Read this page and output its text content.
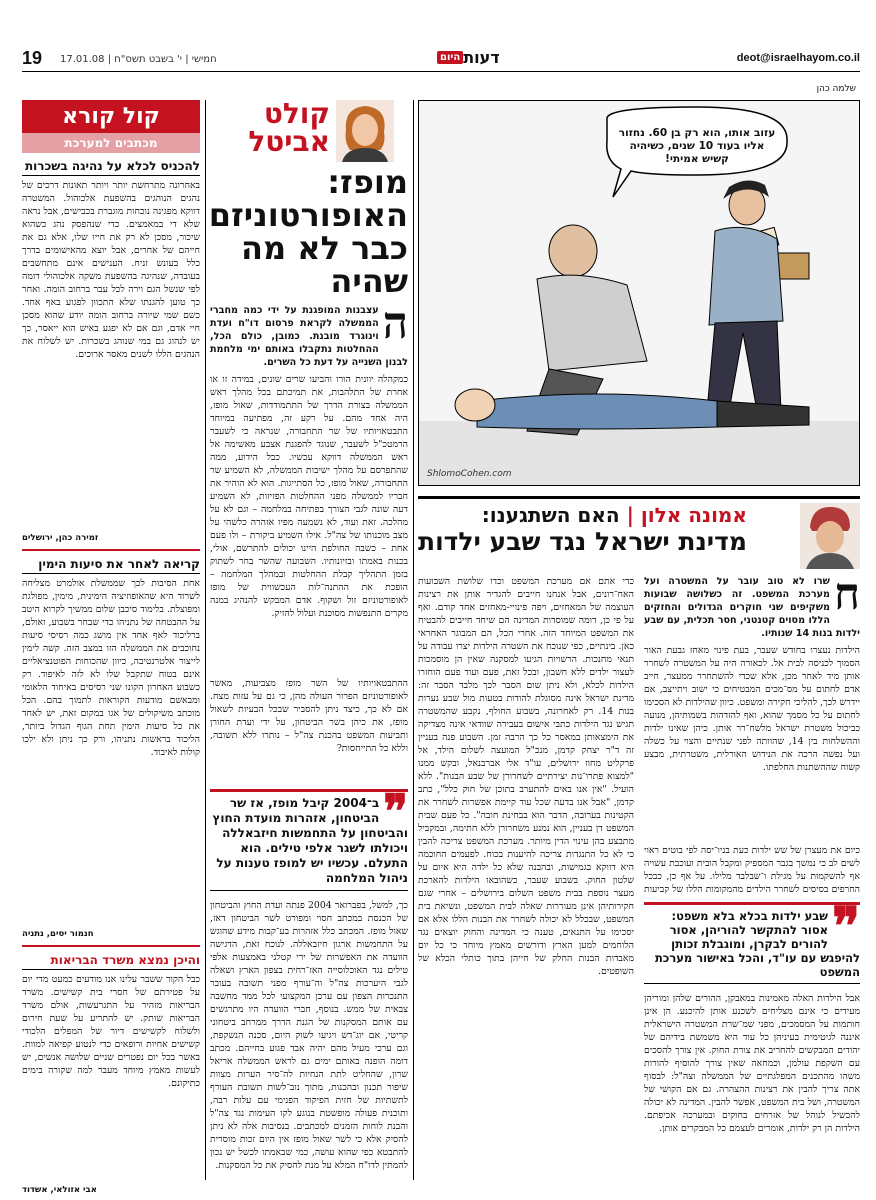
19 17.01.08 | חמישי | י' בשבט תשס"ח	היום דעות	deot@israelhayom.co.il
קול קורא
מכתבים למערכת
להכניס לכלא על נהיגה בשכרות
באחרונה מתרחשת יותר ויותר תאונות דרכים של נהגים הנוהגים בהשפעת אלכוהול. המשטרה דווקא מפגינה נוכחות מוגברת בכבישים, אבל נראה שלא די במאמצים. כדי שנהפסק נהג כשהוא שיכור, מסכן לא רק את חייו שלו, אלא גם את חייהם של אחרים, אבל יוצא מהאישומים בדרך כלל בעונש זניח. הענישים אינם מתחשבים בעובדה, שנהיגה בהשפעת משקה אלכוהולי דומה לפי שנשל הגם וירה לכל עבר ברחוב הומה. ואחר כך טוען להגנתו שלא התכוון לפגוע באף אחד. כשם שמי שיורה ברחוב הומה יודע שהוא מסכן חיי אדם, וגם אם לא יפגע באיש הוא ייאסר, כך יש לנהוג גם במי שנוהג בשכרות. יש לשלוח את הנהגים הללו לשנים מאסר ארוכים.
זמירה כהן, ירושלים
קריאה לאחר את סיעות הימין
אחת הסיבות לכך שממשלת אולמרט מצליחה לשרוד היא שהאופוזיציה הימינית, מימין, מפולגת ומפוצלת. בלימוד סיכבן שלום ממשיך לקרוא היטב על ההבטחה של נתניהו כדי שבחר בשבוע, ואולם, ברליכוד לאף אחד אין מושג כמה רסיסי סיעות נחוכבים את הממשלה הזו במצב הזה. קשה לימין לייצור אלטרנטיבה, כיוון שהכוחות הפוטנציאליים אינם בטוח שתקבל שלו לא לזה לאיפוד. רק כשבוע האחרון הקונו שני רסיסים באיחוד הלאומי ומבאשם מודעות הקוראות לתמוך בהם. הכל מוכתב משיקולים של אגו במקום זאת, יש לאחד את כל סיעות הימין תחת הגוף הגדול ביותר, הליכוד בראשות נתניהו, ורק כך ניתן ולא ילכו קולות לאיבוד.
חנמור יסים, נתניה
והיכן נמצא משרד הבריאות
כבל הקור ששבר עלינו אנו מודעים כמעט מדי יום על פטירתם של חסרי בית קשישים. משרד הבריאות מזהיר על התגרעשות, אולם משרד הבריאות שותק. יש להתריע על שעת חירום ולשלוח לקשישים דיור של המפלים הלכודי קשישים אחיות ורופאים כדי לנטוע קפיאה למוות. באשר בכל יום נפטרים שניים שלושה אנשים, יש לעשות מאמץ מיוחד מעבר למה שקורה בימים כתיקונם.
אבי אזולאי, אשדוד
קולט אביטל
מופז: האופורטוניזם כבר לא מה שהיה
ה
עצבנות המופגנת על ידי כמה מחברי הממשלה לקראת פרסום דו"ח ועדת וינוגרד מובנת. כמובן, כולם הכל, ההחלטות נתקבלו באותם ימי מלחמת לבנון השנייה על דעת כל השרים.
כמקהלה יוונית הורו והביעו שרים שונים, במידה זו או אחרת של התלהבות, את תמיכתם בכל מהלך ראש הממשלה בצורת הדרך של התתמודדות, שאול מופז, היה אחד מהם. על רקע זה, מפתיעה במיוחד התבטאויותיו של שר התחבורה, שנראה כי לשעבר הרמטכ"ל לשעבר, שנוגד להפגנת אצבע מאשימה אל ראש הממשלה דווקא עכשיו. כבל הידוע, ממה שהתפרסם על מהלך ישיבות הממשלה, לא השמיע שר התחבורה, שאול מופז, כל הסתייגות. הוא לא הוהיר את חבריו לממשלה מפני ההחלטות הפזיזות, לא השמיע דעה שונה לגבי הצורך בפתיחה במלחמה – וגם לא על מהלכה. זאת ועוד, לא נשמעה מפיו אזהרה כלשהי על מצב מוכנותו של צה"ל. אילו השמיע ביקורת – ולו פעם אחת – כשבה החולפת היינו יכולים להתרשם, אולי, בכנות באמתו ובזיונותיו. השבועה שהשר בחר לשתוק בזמן התהליך קבלת ההחלטות ובמהלך המלחמה – הופכת את ההתנה־לות העכשווית של מופז לאופורטוניזם זול ושקוף. אדם המבקש להנהיג במנה מקרים התנפשות מסוכנת ועלול להזיק.
ההתבטאויותיו של השר מופז מצביעות, מאשר לאופורטוניזם הפרור העולה מהן, כי גם על עזות מצח. אם לא כך, כיצד ניתן להסביר שבכל הבעיות לשאול מופז, את כיהן בשר הביטחון, על ידי ועדת החורן ותביעות המשפט בהכנת צה"ל – נותרו ללא תשובה, וללא כל התייחסות?
❞
ב־2004 קיבל מופז, אז שר הביטחון, אזהרות מועדת החוץ והביטחון על התחמשות חיזבאללה ויכולתו לשגר אלפי טילים. הוא התעלם. עכשיו יש למופז טענות על ניהול המלחמה
כך, למשל, בפברואר 2004 פנתה ועדת החוץ והביטחון של הכנסת במכתב חסוי ומפורט לשר הביטחון דאז, שאול מופז. המכתב כלל אזהרות בע־קבות מידע שהוגש על התחמשות ארגון חיזבאללה. לנוכח זאת, הדגישה הוועדה את האפשרות של ירי קטלני באמצעות אלפי טילים נגד האוכלוסייה האז־רחית בצפון הארץ ושאלה לגבי היערכות צה"ל וה־עורף מפני תשובה בעובר התנכרות הצפון עם ערכן המקצועי לכל ממד מחשבה צבאית של ממש. בנוסף, חברי הוועדה היו מתרגשים עם אותם המסקנות של הגנת הדרך ממרחב ביטחוני קריטי, אם יוג־דש ויגיעו לשוק היום, סכנה הנשקפת, וגם ערכי מעיל מהם יהיה אבד פגוע בחייהם. מכתב דומה הופנה באותם ימים גם לראש הממשלה אריאל שרון, שהחליט לתת הנחיות לה־סיר הערות מצוות שיפור תכנון ובהכנות, מתוך נוב־לשות תשובת העורף לתשתיות של חזית הפיקוד הפנימי עם עלות רבה, ותוכנית פעולה מופשטת בנוגע לקו העימות נגד צה"ל והבנת לוחות הזמנים למכתבים. בנסיבות אלה לא ניתן להסיק אלא כי לשר שאול מופז אין היום זכות מוסרית להתבטא כפי שהוא עושה, כמי שבאמתו לכשל יש נכון להמתין לדו"ח המלא על מנת להסיק את כל המסקנות.
שלמה כהן
עזוב אותו, הוא רק בן 60. נחזור אליו בעוד 10 שנים, כשיהיה קשיש אמיתי!
ShlomoCohen.com
אמונה אלון | האם השתגענו:
מדינת ישראל נגד שבע ילדות
ח
שרו לא טוב עובר על המשטרה ועל מערכת המשפט. זה כשלושה שבועות משקיפים שני חוקרים הגדולים והחזקים הללו מסוים קטנטני, חסר תכלית, עם שבע ילדות בנות 14 שנותיו.
הילדות נעצרו בחודש שעבר, בעת פינוי מאחז גבעת האור הסמוך לכניסה לבית אל. לכאורה היה על המשטרה לשחרר אותן מיד לאחר מכן, אלא שכדי להשתחרר ממעצר, חייב אדם לחתום על מס־מכים המבטיחים כי ישוב ויתייצב, אם יידרש לכך, להליכי חקירה ומשפט. כיוון שהילדות לא הסכימו לחתום על כל מסמך שהוא, ואף להזדהות בשמותיהן, מנועה כביכול משטרת ישראל מלשח־רר אותן. כיהן שאינו ילדות וההשלחות בין 14, שהוותה לפני שנתיים והצוי על כשלה ועל נפשה הרכה את הנידוש האורלית, משטרתית, מבצע קשוח שההשתנות החלפתו.
כיום את מעצרן של שש ילדות כעת בניו־יסה לפי בוטים ראוי לשים לב כי נמשך בגבר המספיק ומקבל הובית ועוכבת עשויה אף להשקמות על מגילת ו־שבלבד מלילו. על אף כן, כבכל החרפים בסיסים לשחרר הילדים מהמקומות הללו של קביעות
❞
שבע ילדות בכלא בלא משפט: אסור להתקשר להוריהן, אסור להורים לבקרן, ומוגבלת זכותן להיפגש עם עו"ד, והכל באישור מערכת המשפט
אבל הילדות האלה מאמינות במאבקן, ההורים שלהן ומוריהן מעידים כי אינם מצליחים לשכנע אותן להיכנע. הן אינן חותמות על המסמכים, מפני שמ־שרת המשטרה הישראלית איננה לגיטימית בעיניהן כל עוד היא משמשת בידיהם של יהודים המבקשים להחריב את צורת החוק. אין צורך להסכים עם השקפת עולמן, וכמחאה שאין צורך להוסיף להורות משהו מהתכנים המפלגתיים של הממשלה וצה"ל: לבסוף אתה צריך להבין את רצינות ההצהרה. גם אם הקושי של המשטרה, ושל בית המשפט, אפשר להבין. המדינה לא יכולה להכשיל לנוהל של אזרחים בחוקים ובמערכה אכיפתם. הילדות הן רק ילדות, אומרים לעצמם כל המבקרים אותן.
כדי אתם אם מערכת המשפט וכדו שלושת השבועות האח־רונים, אבל אנחנו חייבים להגדיר אותן את רצינות העוצמה של המאחזים, ויפה פינויי-מאחזים אחד קודם. ואף על פי כן, דומה שמוסדות המדינה הם שיחד חייבים להבטיח את המשפט המיוחד הזה. אחרי הכל, הם המבוגר האחראי כאן. בינתיים, כפי שנוכח את השטרה הילדות יצרו עבודה על תנאי מחנכות. הרשויות הגיעו למסקנה שאין הן מוסמכות לעצור ילדים ללא חשבון, ובכל זאת, פעם ועוד פעם הוחזרו הילדות לכלא, ולא ניתן שום הסבר לכך מלבד הסבר זה: מדינת ישראל אינה מסוגלת להודות בטעות מול שבע נערות בנות 14. רק לאחרונה, בשבוע החולף, נקבע שהמשטרה תגיש נגד הילדות כתבי אישום בעבירה שוודאי אינה מצדיקה את הימצאותן במאסר כל כך הרבה זמן. השבוע פנה בעניין זה ד"ר יצחק קדמן, מנכ"ל המועצה לשלום הילד, אל פרקליט מחוז ירושלים, עו"ד אלי אברבנאל, ובקש ממנו "למצוא פתרו־נות יצירתיים לשחרורן של שבע הבנות". ללא הועיל. "אין אנו באים להתערב בתוכן של חוק כלל", כתב קדמן, "אבל אנו בדעה שכל עוד קיימת אפשרות לשחרר את הקטינות בערובה, הדבר הוא בבחינת חובה". כל פעם שבית המשפט דן בעניין, הוא נמנע משחרורן ללא חתימה, ובמקביל מתבצע בהן עינוי הדין מיותר. מערכת המשפט צריכה להבין כי לא כל התנגדות צריכה להיענות בכוח. לפעמים החוכמה היא דווקא בגמישות, ובהבנה שלא כל ילדה היא איום על שלטון החוק. בשבוע שעבר, כשהובאו הילדות להארכת מעצר נוספת בבית משפט השלום בירושלים – אחרי שגם חקירותיהן אינן מעוררות שאלה לבית המשפט, ונשיאת בית המשפט, שבכלל לא יכולה לשחרר את הבנות הללו אלא אם יסכימו על התנאים, טענה כי המדינה והחוק יוצאים נגד הלוחמים למען הארץ ודורשים מאמץ מיוחד כי כל יום מאבדות הבנות החלק של חייהן בתוך כותלי הכלא של השופטים.
